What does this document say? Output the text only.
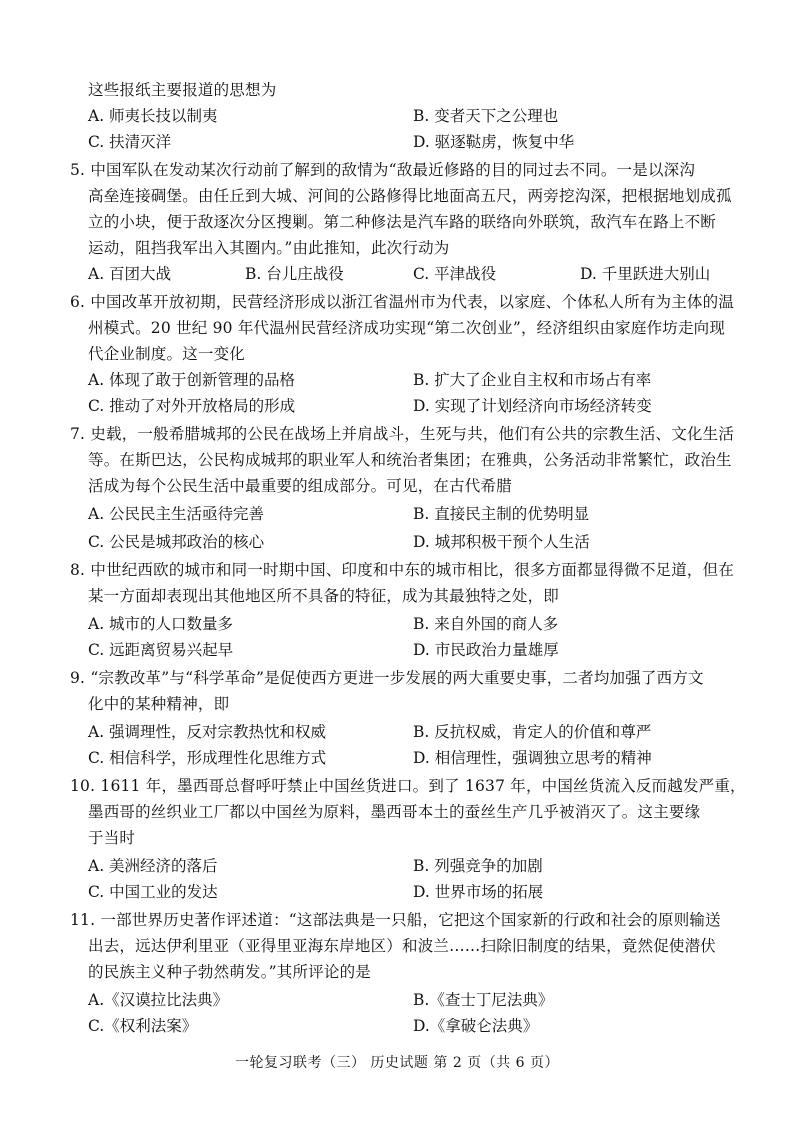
这些报纸主要报道的思想为
A. 师夷长技以制夷	B. 变者天下之公理也
C. 扶清灭洋	D. 驱逐鞑虏，恢复中华
5. 中国军队在发动某次行动前了解到的敌情为“敌最近修路的目的同过去不同。一是以深沟
高垒连接碉堡。由任丘到大城、河间的公路修得比地面高五尺，两旁挖沟深，把根据地划成孤
立的小块，便于敌逐次分区搜剿。第二种修法是汽车路的联络向外联筑，敌汽车在路上不断
运动，阻挡我军出入其圈内。”由此推知，此次行动为
A. 百团大战	B. 台儿庄战役	C. 平津战役	D. 千里跃进大别山
6. 中国改革开放初期，民营经济形成以浙江省温州市为代表，以家庭、个体私人所有为主体的温
州模式。20 世纪 90 年代温州民营经济成功实现“第二次创业”，经济组织由家庭作坊走向现
代企业制度。这一变化
A. 体现了敢于创新管理的品格	B. 扩大了企业自主权和市场占有率
C. 推动了对外开放格局的形成	D. 实现了计划经济向市场经济转变
7. 史载，一般希腊城邦的公民在战场上并肩战斗，生死与共，他们有公共的宗教生活、文化生活
等。在斯巴达，公民构成城邦的职业军人和统治者集团；在雅典，公务活动非常繁忙，政治生
活成为每个公民生活中最重要的组成部分。可见，在古代希腊
A. 公民民主生活亟待完善	B. 直接民主制的优势明显
C. 公民是城邦政治的核心	D. 城邦积极干预个人生活
8. 中世纪西欧的城市和同一时期中国、印度和中东的城市相比，很多方面都显得微不足道，但在
某一方面却表现出其他地区所不具备的特征，成为其最独特之处，即
A. 城市的人口数量多	B. 来自外国的商人多
C. 远距离贸易兴起早	D. 市民政治力量雄厚
9. “宗教改革”与“科学革命”是促使西方更进一步发展的两大重要史事，二者均加强了西方文
化中的某种精神，即
A. 强调理性，反对宗教热忱和权威	B. 反抗权威，肯定人的价值和尊严
C. 相信科学，形成理性化思维方式	D. 相信理性，强调独立思考的精神
10. 1611 年，墨西哥总督呼吁禁止中国丝货进口。到了 1637 年，中国丝货流入反而越发严重，
墨西哥的丝织业工厂都以中国丝为原料，墨西哥本土的蚕丝生产几乎被消灭了。这主要缘
于当时
A. 美洲经济的落后	B. 列强竞争的加剧
C. 中国工业的发达	D. 世界市场的拓展
11. 一部世界历史著作评述道：“这部法典是一只船，它把这个国家新的行政和社会的原则输送
出去，远达伊利里亚（亚得里亚海东岸地区）和波兰……扫除旧制度的结果，竟然促使潜伏
的民族主义种子勃然萌发。”其所评论的是
A.《汉谟拉比法典》	B.《查士丁尼法典》
C.《权利法案》	D.《拿破仑法典》
一轮复习联考（三） 历史试题 第 2 页（共 6 页）
